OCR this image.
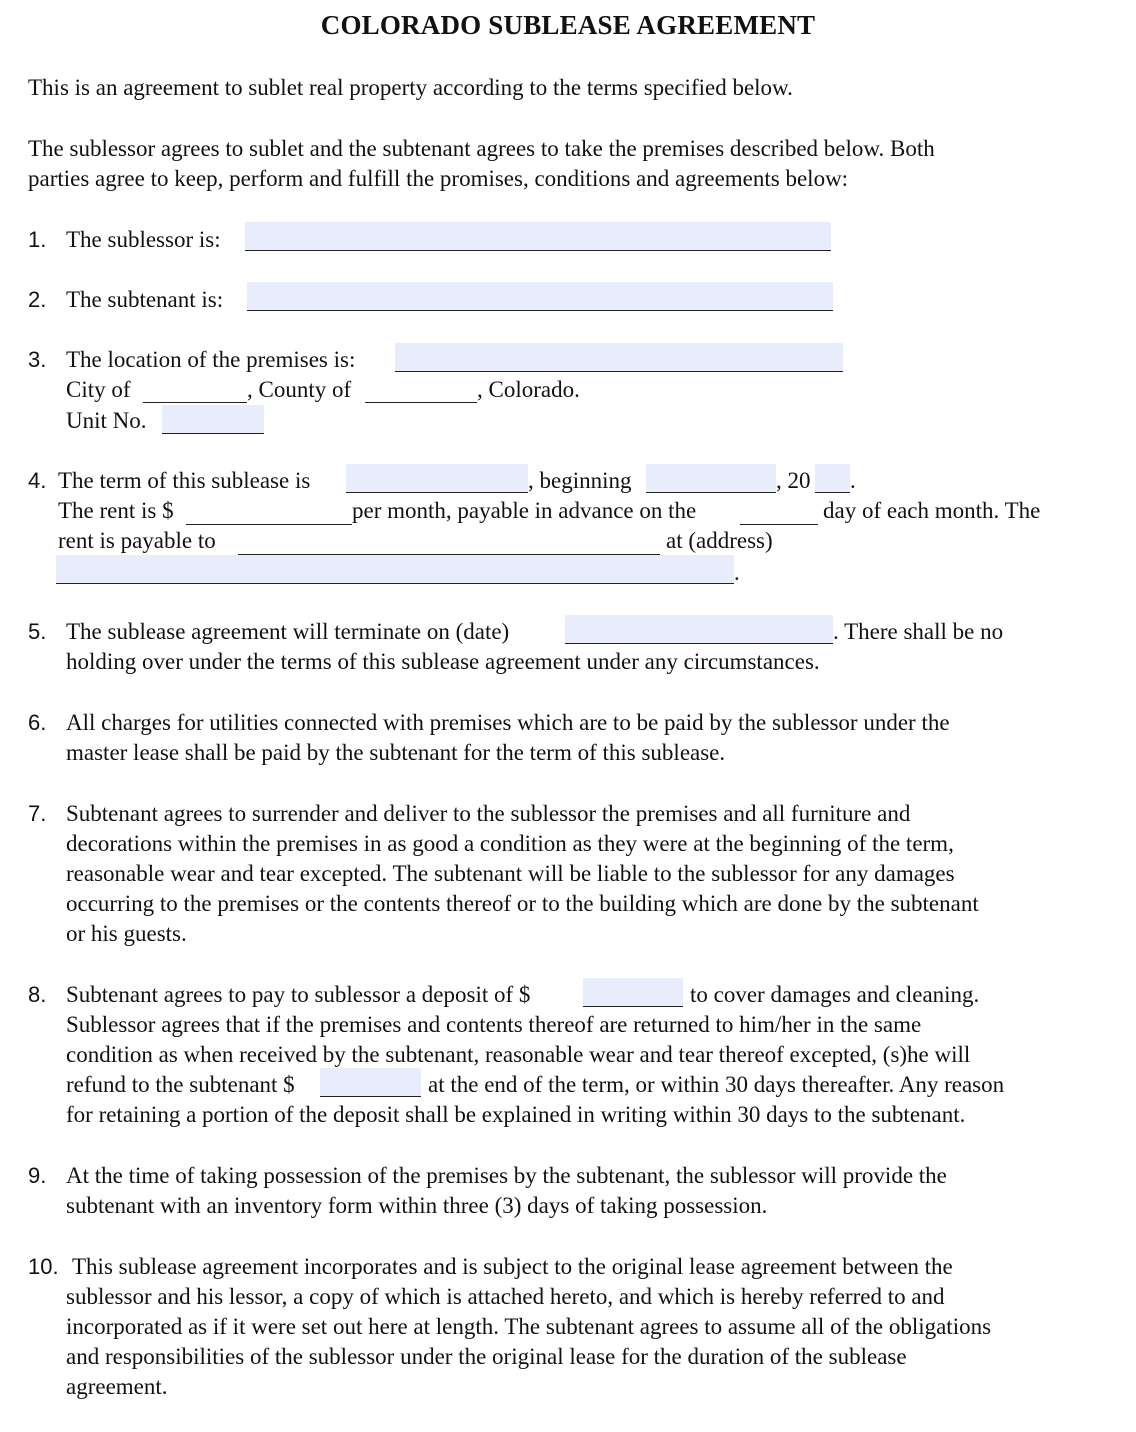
COLORADO SUBLEASE AGREEMENT
This is an agreement to sublet real property according to the terms specified below.
The sublessor agrees to sublet and the subtenant agrees to take the premises described below. Both
parties agree to keep, perform and fulfill the promises, conditions and agreements below:
1. The sublessor is:
2. The subtenant is:
3. The location of the premises is:
City of	, County of	, Colorado.
Unit No.
4. The term of this sublease is	, beginning	, 20 .
The rent is $	per month, payable in advance on the	day of each month. The
rent is payable to	at (address)
.
5. The sublease agreement will terminate on (date)	. There shall be no
holding over under the terms of this sublease agreement under any circumstances.
6. All charges for utilities connected with premises which are to be paid by the sublessor under the
master lease shall be paid by the subtenant for the term of this sublease.
7. Subtenant agrees to surrender and deliver to the sublessor the premises and all furniture and
decorations within the premises in as good a condition as they were at the beginning of the term,
reasonable wear and tear excepted. The subtenant will be liable to the sublessor for any damages
occurring to the premises or the contents thereof or to the building which are done by the subtenant
or his guests.
8. Subtenant agrees to pay to sublessor a deposit of $	to cover damages and cleaning.
Sublessor agrees that if the premises and contents thereof are returned to him/her in the same
condition as when received by the subtenant, reasonable wear and tear thereof excepted, (s)he will
refund to the subtenant $	at the end of the term, or within 30 days thereafter. Any reason
for retaining a portion of the deposit shall be explained in writing within 30 days to the subtenant.
9. At the time of taking possession of the premises by the subtenant, the sublessor will provide the
subtenant with an inventory form within three (3) days of taking possession.
10. This sublease agreement incorporates and is subject to the original lease agreement between the
sublessor and his lessor, a copy of which is attached hereto, and which is hereby referred to and
incorporated as if it were set out here at length. The subtenant agrees to assume all of the obligations
and responsibilities of the sublessor under the original lease for the duration of the sublease
agreement.
